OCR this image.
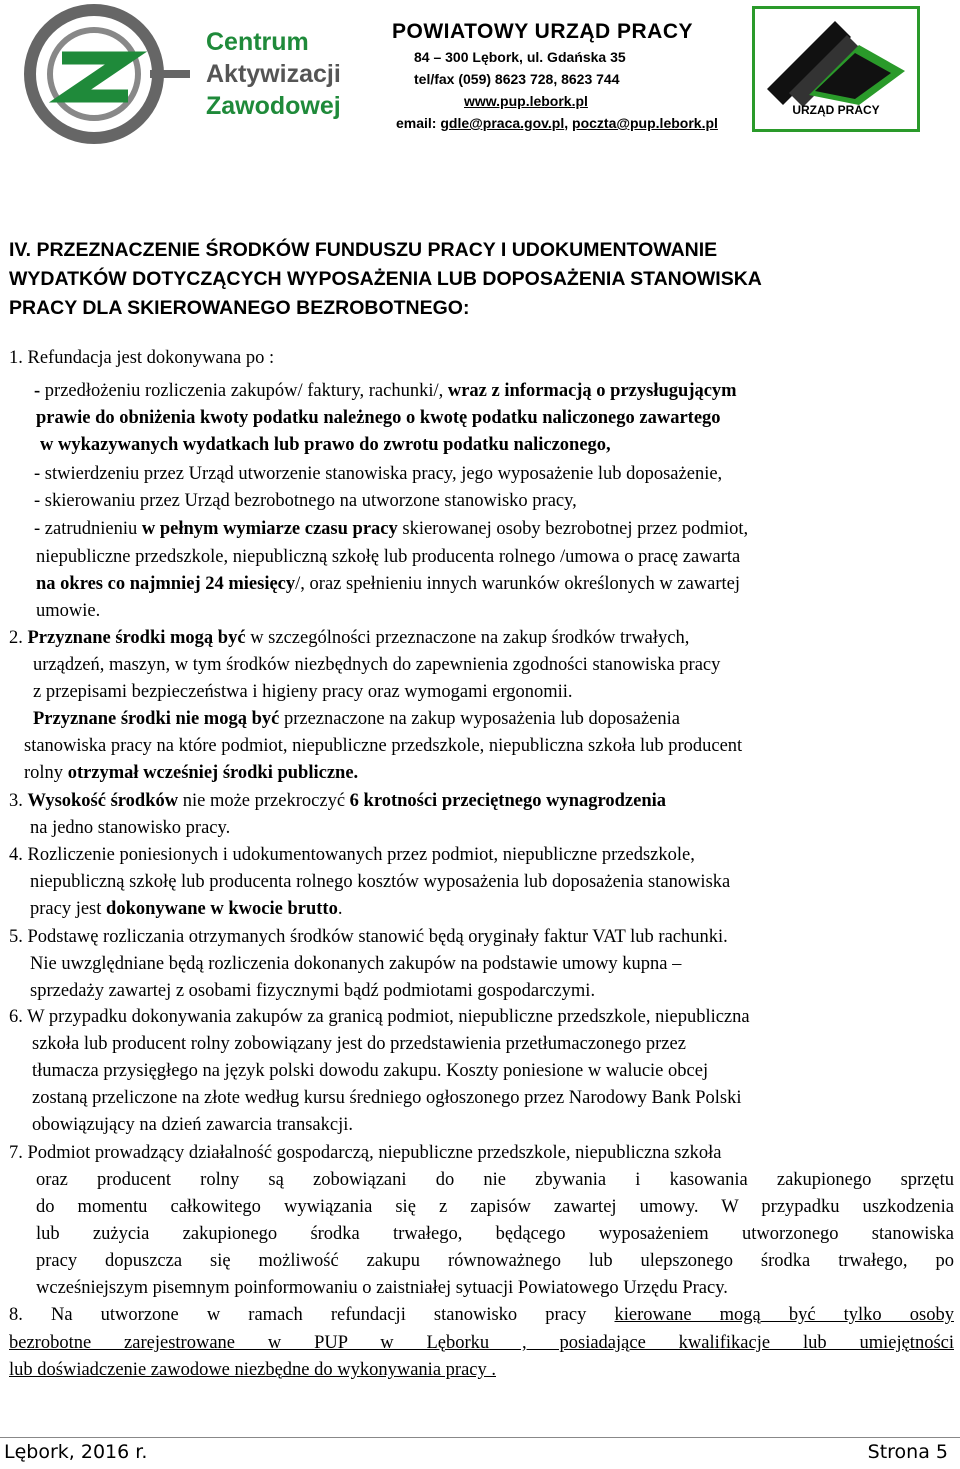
Centrum
Aktywizacji
Zawodowej
POWIATOWY URZĄD PRACY
84 – 300 Lębork, ul. Gdańska 35
tel/fax (059) 8623 728, 8623 744
www.pup.lebork.pl
email: gdle@praca.gov.pl, poczta@pup.lebork.pl
URZĄD PRACY
IV. PRZEZNACZENIE ŚRODKÓW FUNDUSZU PRACY I UDOKUMENTOWANIE
WYDATKÓW DOTYCZĄCYCH WYPOSAŻENIA LUB DOPOSAŻENIA STANOWISKA
PRACY DLA SKIEROWANEGO BEZROBOTNEGO:
1. Refundacja jest dokonywana po :
- przedłożeniu rozliczenia zakupów/ faktury, rachunki/, wraz z informacją o przysługującym
prawie do obniżenia kwoty podatku należnego o kwotę podatku naliczonego zawartego
w wykazywanych wydatkach lub prawo do zwrotu podatku naliczonego,
- stwierdzeniu przez Urząd utworzenie stanowiska pracy, jego wyposażenie lub doposażenie,
- skierowaniu przez Urząd bezrobotnego na utworzone stanowisko pracy,
- zatrudnieniu w pełnym wymiarze czasu pracy skierowanej osoby bezrobotnej przez podmiot,
niepubliczne przedszkole, niepubliczną szkołę lub producenta rolnego /umowa o pracę zawarta
na okres co najmniej 24 miesięcy/, oraz spełnieniu innych warunków określonych w zawartej
umowie.
2. Przyznane środki mogą być w szczególności przeznaczone na zakup środków trwałych,
urządzeń, maszyn, w tym środków niezbędnych do zapewnienia zgodności stanowiska pracy
z przepisami bezpieczeństwa i higieny pracy oraz wymogami ergonomii.
Przyznane środki nie mogą być przeznaczone na zakup wyposażenia lub doposażenia
stanowiska pracy na które podmiot, niepubliczne przedszkole, niepubliczna szkoła lub producent
rolny otrzymał wcześniej środki publiczne.
3. Wysokość środków nie może przekroczyć 6 krotności przeciętnego wynagrodzenia
na jedno stanowisko pracy.
4. Rozliczenie poniesionych i udokumentowanych przez podmiot, niepubliczne przedszkole,
niepubliczną szkołę lub producenta rolnego kosztów wyposażenia lub doposażenia stanowiska
pracy jest dokonywane w kwocie brutto.
5. Podstawę rozliczania otrzymanych środków stanowić będą oryginały faktur VAT lub rachunki.
Nie uwzględniane będą rozliczenia dokonanych zakupów na podstawie umowy kupna –
sprzedaży zawartej z osobami fizycznymi bądź podmiotami gospodarczymi.
6. W przypadku dokonywania zakupów za granicą podmiot, niepubliczne przedszkole, niepubliczna
szkoła lub producent rolny zobowiązany jest do przedstawienia przetłumaczonego przez
tłumacza przysięgłego na język polski dowodu zakupu. Koszty poniesione w walucie obcej
zostaną przeliczone na złote według kursu średniego ogłoszonego przez Narodowy Bank Polski
obowiązujący na dzień zawarcia transakcji.
7. Podmiot prowadzący działalność gospodarczą, niepubliczne przedszkole, niepubliczna szkoła
oraz producent rolny są zobowiązani do nie zbywania i kasowania zakupionego sprzętu
do momentu całkowitego wywiązania się z zapisów zawartej umowy. W przypadku uszkodzenia
lub zużycia zakupionego środka trwałego, będącego wyposażeniem utworzonego stanowiska
pracy dopuszcza się możliwość zakupu równoważnego lub ulepszonego środka trwałego, po
wcześniejszym pisemnym poinformowaniu o zaistniałej sytuacji Powiatowego Urzędu Pracy.
8. Na utworzone w ramach refundacji stanowisko pracy kierowane mogą być tylko osoby
bezrobotne zarejestrowane w PUP w Lęborku , posiadające kwalifikacje lub umiejętności
lub doświadczenie zawodowe niezbędne do wykonywania pracy .
Lębork, 2016 r.	Strona 5
